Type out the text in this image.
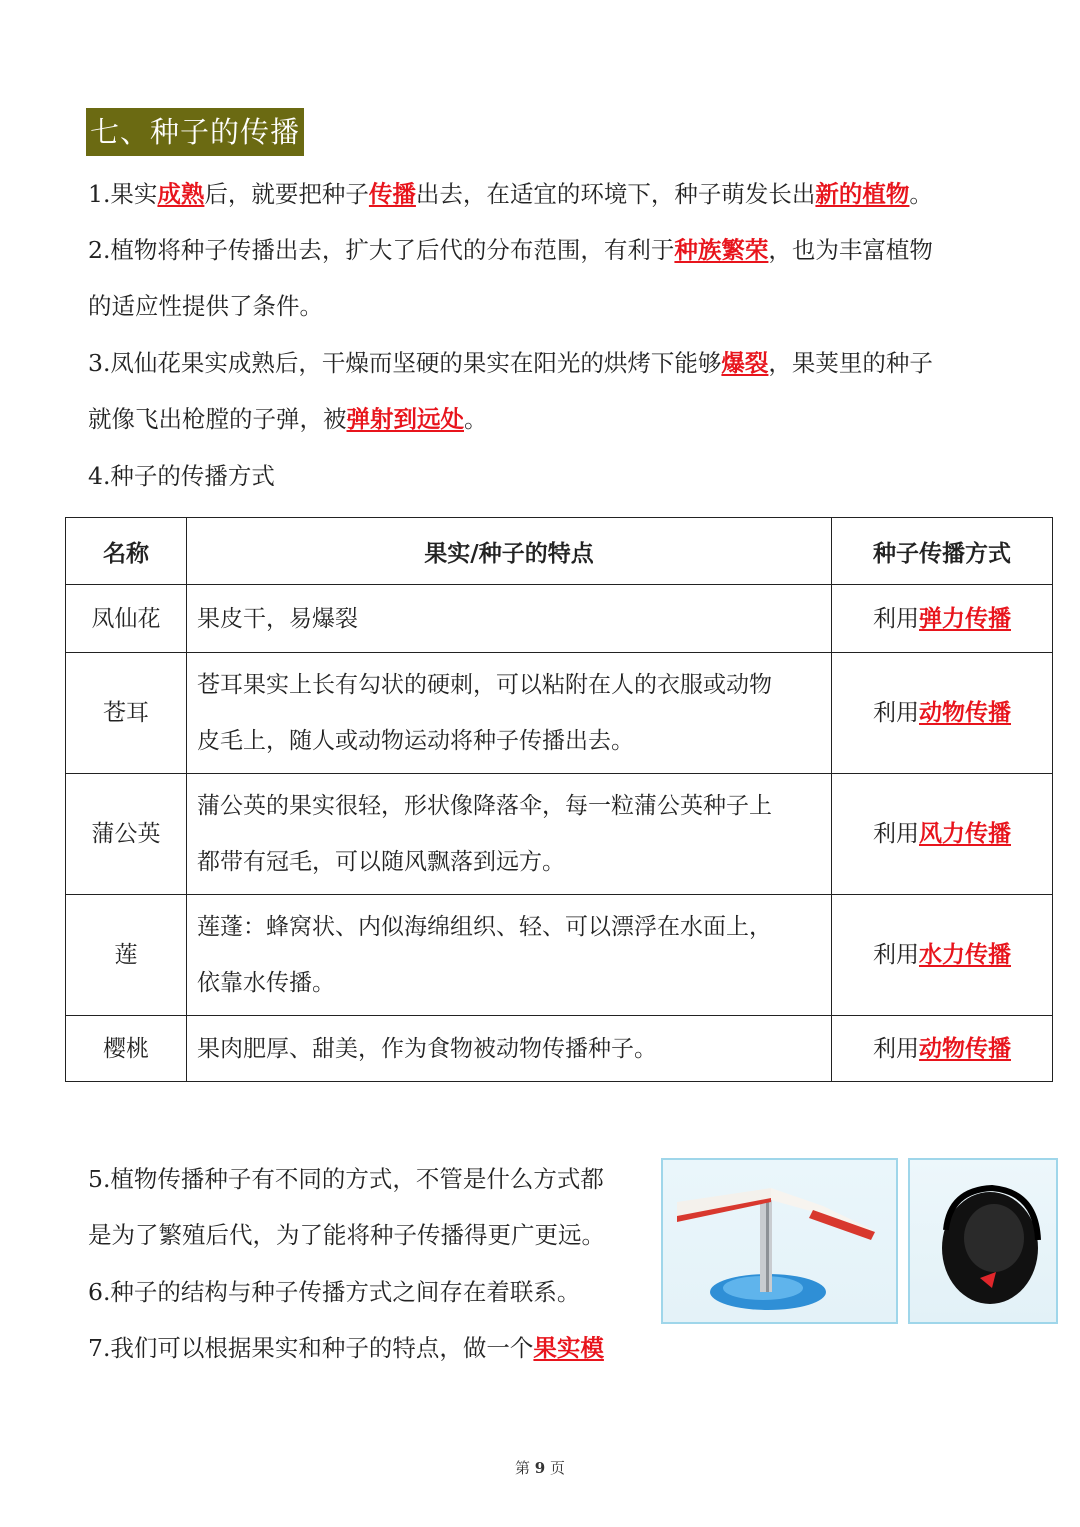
七、种子的传播
1.果实成熟后，就要把种子传播出去，在适宜的环境下，种子萌发长出新的植物。
2.植物将种子传播出去，扩大了后代的分布范围，有利于种族繁荣，也为丰富植物
的适应性提供了条件。
3.凤仙花果实成熟后，干燥而坚硬的果实在阳光的烘烤下能够爆裂，果荚里的种子
就像飞出枪膛的子弹，被弹射到远处。
4.种子的传播方式
名称	果实/种子的特点	种子传播方式
凤仙花	果皮干，易爆裂	利用弹力传播
苍耳	苍耳果实上长有勾状的硬刺，可以粘附在人的衣服或动物
皮毛上，随人或动物运动将种子传播出去。	利用动物传播
蒲公英	蒲公英的果实很轻，形状像降落伞，每一粒蒲公英种子上
都带有冠毛，可以随风飘落到远方。	利用风力传播
莲	莲蓬：蜂窝状、内似海绵组织、轻、可以漂浮在水面上，
依靠水传播。	利用水力传播
樱桃	果肉肥厚、甜美，作为食物被动物传播种子。	利用动物传播
5.植物传播种子有不同的方式，不管是什么方式都
是为了繁殖后代，为了能将种子传播得更广更远。
6.种子的结构与种子传播方式之间存在着联系。
7.我们可以根据果实和种子的特点，做一个果实模
第 9 页
